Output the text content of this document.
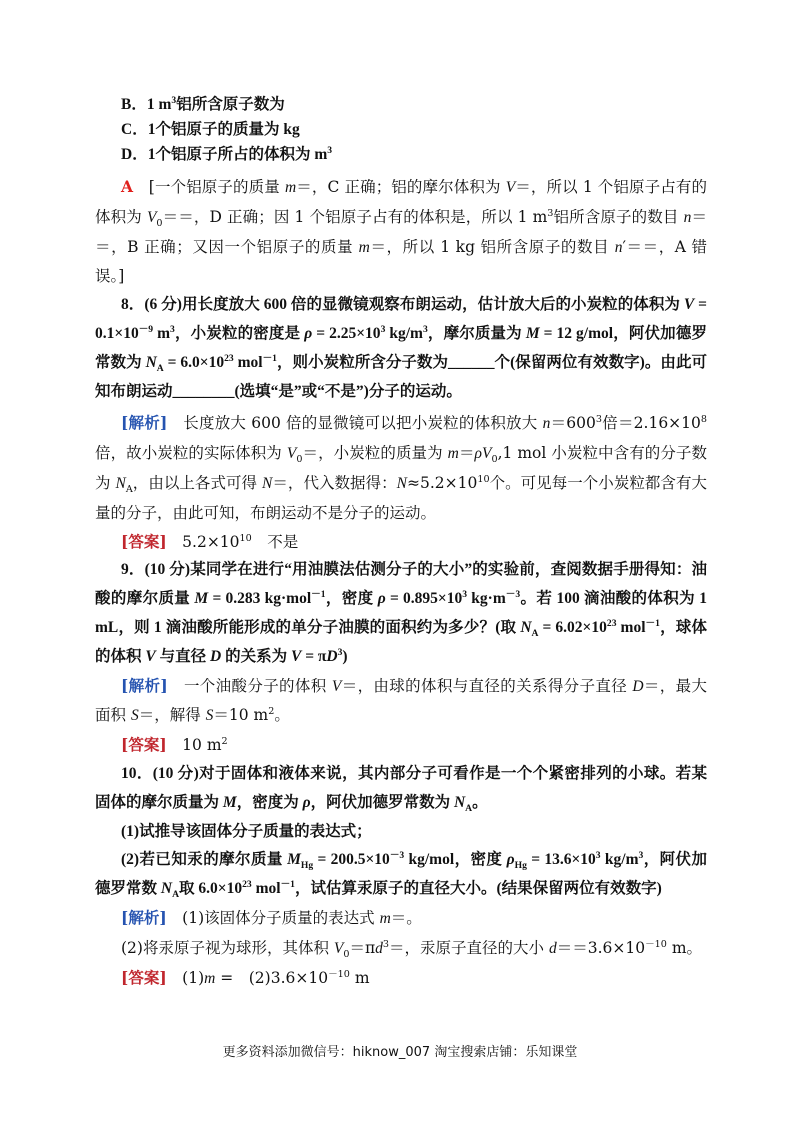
B．1 $m^3$铝所含原子数为

C．1个铝原子的质量为 kg

D．1个铝原子所占的体积为 $m^3$

A　[一个铝原子的质量 m＝，C 正确；铝的摩尔体积为 V＝，所以 1 个铝原子占有的体积为 $V_0==$，D 正确；因 1 个铝原子占有的体积是，所以 1 $m^3$铝所含原子的数目 n＝＝，B 正确；又因一个铝原子的质量 m＝，所以 1 kg 铝所含原子的数目 n′＝＝，A 错误。]

8．(6 分)用长度放大 600 倍的显微镜观察布朗运动，估计放大后的小炭粒的体积为 $V = 0.1\times 10^{-9}$ $m^3$，小炭粒的密度是 $\rho = 2.25\times 10^3$ $kg/m^3$，摩尔质量为 M = 12 g/mol，阿伏加德罗常数为 $N_A = 6.0\times 10^{23}$ mol$^{-1}$，则小炭粒所含分子数为______个(保留两位有效数字)。由此可知布朗运动________(选填“是”或“不是”)分子的运动。

[解析]　长度放大 600 倍的显微镜可以把小炭粒的体积放大 $n=600^3$倍$=2.16\times 10^8$倍，故小炭粒的实际体积为 $V_0=$，小炭粒的质量为 $m=\rho V_0,1$ mol 小炭粒中含有的分子数为 $N_A$，由以上各式可得 N＝，代入数据得：$N\approx 5.2\times 10^{10}$个。可见每一个小炭粒都含有大量的分子，由此可知，布朗运动不是分子的运动。

[答案]　$5.2\times 10^{10}$　不是

9．(10 分)某同学在进行“用油膜法估测分子的大小”的实验前，查阅数据手册得知：油酸的摩尔质量 M = 0.283 kg·mol$^{-1}$，密度 $\rho = 0.895\times 10^3$ $kg\cdot m^{-3}$。若 100 滴油酸的体积为 1 mL，则 1 滴油酸所能形成的单分子油膜的面积约为多少？(取 $N_A = 6.02\times 10^{23}$ mol$^{-1}$，球体的体积 V 与直径 D 的关系为 $V = \pi D^3$)

[解析]　一个油酸分子的体积 V＝，由球的体积与直径的关系得分子直径 D＝，最大面积 S＝，解得 S＝10 $m^2$。

[答案]　10 $m^2$

10．(10 分)对于固体和液体来说，其内部分子可看作是一个个紧密排列的小球。若某固体的摩尔质量为 M，密度为 ρ，阿伏加德罗常数为 $N_A$。

(1)试推导该固体分子质量的表达式；

(2)若已知汞的摩尔质量 $M_{Hg} = 200.5\times 10^{-3}$ kg/mol，密度 $\rho_{Hg} = 13.6\times 10^3$ $kg/m^3$，阿伏加德罗常数 $N_A$取 $6.0\times 10^{23}$ mol$^{-1}$，试估算汞原子的直径大小。(结果保留两位有效数字)

[解析]　(1)该固体分子质量的表达式 m＝。

(2)将汞原子视为球形，其体积 $V_0=\pi d^3=$，汞原子直径的大小 $d==3.6\times 10^{-10}$ m。

[答案]　(1)m =　$(2)3.6\times 10^{-10}$ m

更多资料添加微信号：hiknow_007 淘宝搜索店铺：乐知课堂
